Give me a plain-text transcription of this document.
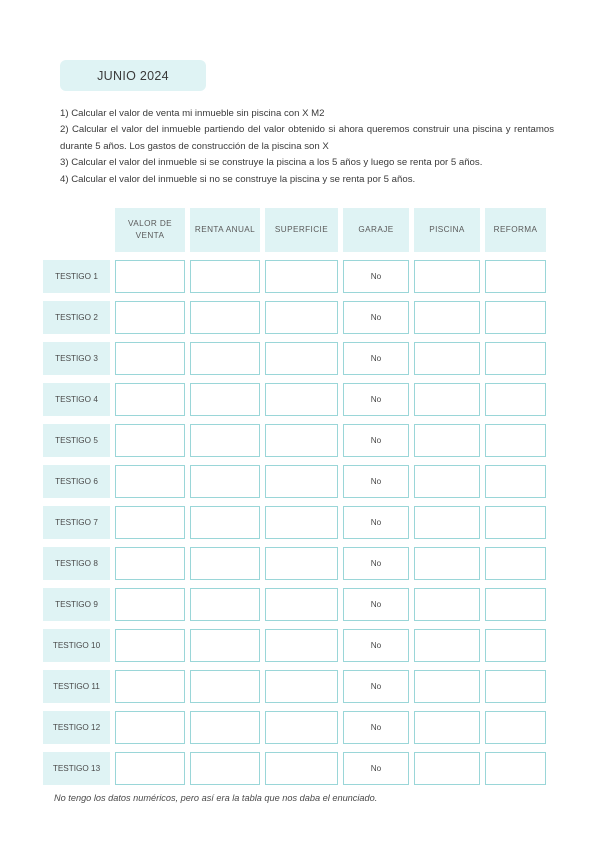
JUNIO 2024

1) Calcular el valor de venta mi inmueble sin piscina con X M2

2) Calcular el valor del inmueble partiendo del valor obtenido si ahora queremos construir una piscina y rentamos durante 5 años. Los gastos de construcción de la piscina son X

3) Calcular el valor del inmueble si se construye la piscina a los 5 años y luego se renta por 5 años.

4) Calcular el valor del inmueble si no se construye la piscina y se renta por 5 años.

	VALOR DE VENTA	RENTA ANUAL	SUPERFICIE	GARAJE	PISCINA	REFORMA
TESTIGO 1				No		
TESTIGO 2				No		
TESTIGO 3				No		
TESTIGO 4				No		
TESTIGO 5				No		
TESTIGO 6				No		
TESTIGO 7				No		
TESTIGO 8				No		
TESTIGO 9				No		
TESTIGO 10				No		
TESTIGO 11				No		
TESTIGO 12				No		
TESTIGO 13				No		
No tengo los datos numéricos, pero así era la tabla que nos daba el enunciado.
